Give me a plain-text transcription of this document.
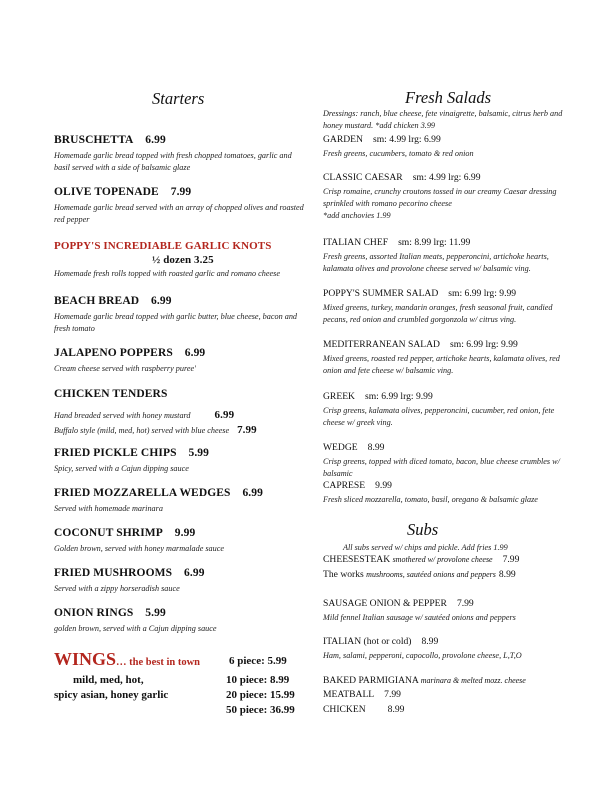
Starters
BRUSCHETTA 6.99
Homemade garlic bread topped with fresh chopped tomatoes, garlic and basil served with a side of balsamic glaze
OLIVE TOPENADE 7.99
Homemade garlic bread served with an array of chopped olives and roasted red pepper
POPPY'S INCREDIABLE GARLIC KNOTS
½ dozen 3.25
Homemade fresh rolls topped with roasted garlic and romano cheese
BEACH BREAD 6.99
Homemade garlic bread topped with garlic butter, blue cheese, bacon and fresh tomato
JALAPENO POPPERS 6.99
Cream cheese served with raspberry puree'
CHICKEN TENDERS
Hand breaded served with honey mustard 6.99
Buffalo style (mild, med, hot) served with blue cheese 7.99
FRIED PICKLE CHIPS 5.99
Spicy, served with a Cajun dipping sauce
FRIED MOZZARELLA WEDGES 6.99
Served with homemade marinara
COCONUT SHRIMP 9.99
Golden brown, served with honey marmalade sauce
FRIED MUSHROOMS 6.99
Served with a zippy horseradish sauce
ONION RINGS 5.99
golden brown, served with a Cajun dipping sauce
WINGS… the best in town	6 piece: 5.99
mild, med, hot,	10 piece: 8.99
spicy asian, honey garlic	20 piece: 15.99
50 piece: 36.99
Fresh Salads
Dressings: ranch, blue cheese, fete vinaigrette, balsamic, citrus herb and honey mustard. *add chicken 3.99
GARDEN sm: 4.99 lrg: 6.99
Fresh greens, cucumbers, tomato & red onion
CLASSIC CAESAR sm: 4.99 lrg: 6.99
Crisp romaine, crunchy croutons tossed in our creamy Caesar dressing sprinkled with romano pecorino cheese
*add anchovies 1.99
ITALIAN CHEF sm: 8.99 lrg: 11.99
Fresh greens, assorted Italian meats, pepperoncini, artichoke hearts, kalamata olives and provolone cheese served w/ balsamic ving.
POPPY'S SUMMER SALAD sm: 6.99 lrg: 9.99
Mixed greens, turkey, mandarin oranges, fresh seasonal fruit, candied pecans, red onion and crumbled gorgonzola w/ citrus ving.
MEDITERRANEAN SALAD sm: 6.99 lrg: 9.99
Mixed greens, roasted red pepper, artichoke hearts, kalamata olives, red onion and fete cheese w/ balsamic ving.
GREEK sm: 6.99 lrg: 9.99
Crisp greens, kalamata olives, pepperoncini, cucumber, red onion, fete cheese w/ greek ving.
WEDGE 8.99
Crisp greens, topped with diced tomato, bacon, blue cheese crumbles w/ balsamic
CAPRESE 9.99
Fresh sliced mozzarella, tomato, basil, oregano & balsamic glaze
Subs
All subs served w/ chips and pickle. Add fries 1.99
CHEESESTEAK smothered w/ provolone cheese 7.99
The works mushrooms, sautéed onions and peppers 8.99
SAUSAGE ONION & PEPPER 7.99
Mild fennel Italian sausage w/ sautéed onions and peppers
ITALIAN (hot or cold) 8.99
Ham, salami, pepperoni, capocollo, provolone cheese, L,T,O
BAKED PARMIGIANA marinara & melted mozz. cheese
MEATBALL 7.99
CHICKEN 8.99
